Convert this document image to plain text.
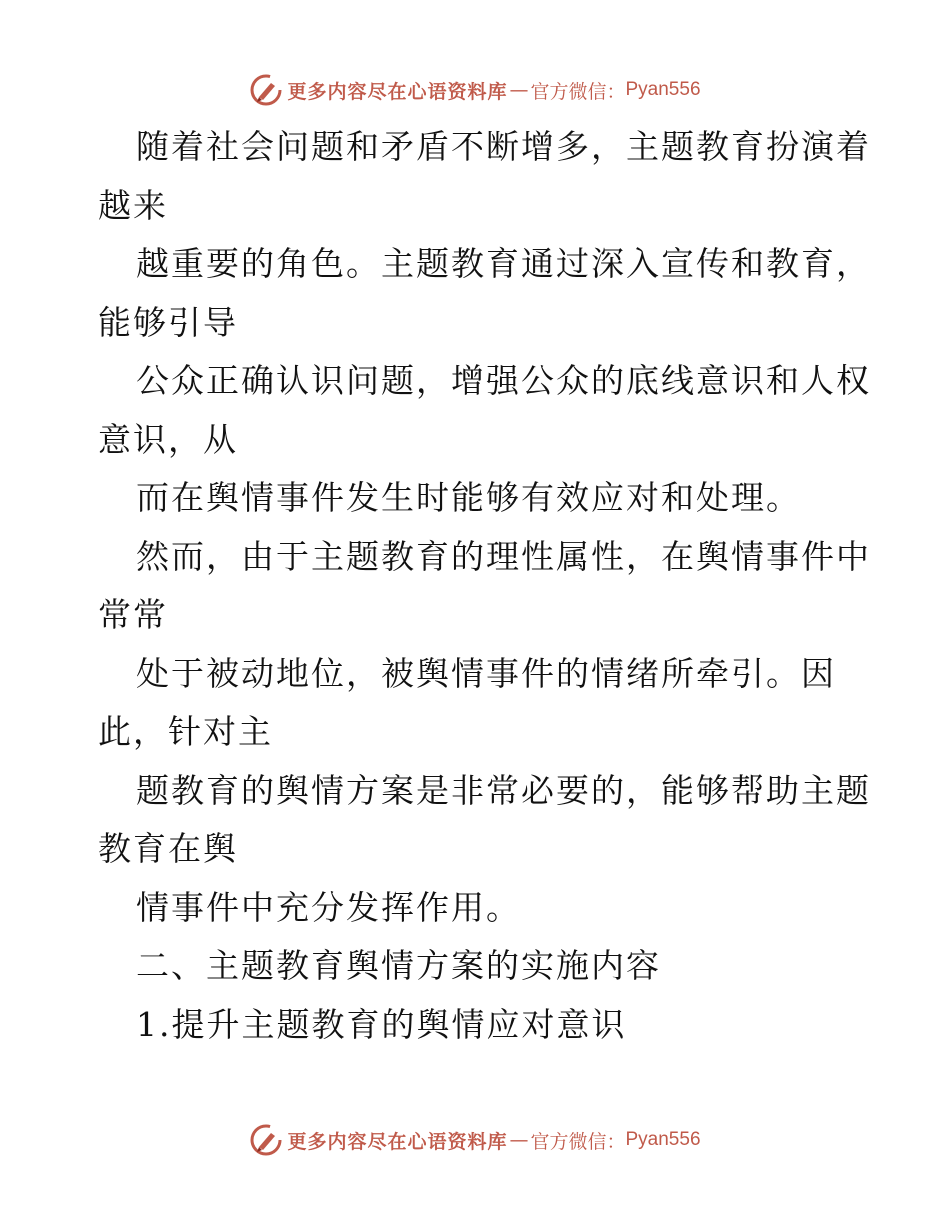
更多内容尽在心语资料库 — 官方微信： Pyan556
随着社会问题和矛盾不断增多，主题教育扮演着
越来
越重要的角色。主题教育通过深入宣传和教育，
能够引导
公众正确认识问题，增强公众的底线意识和人权
意识，从
而在舆情事件发生时能够有效应对和处理。
然而，由于主题教育的理性属性，在舆情事件中
常常
处于被动地位，被舆情事件的情绪所牵引。因
此，针对主
题教育的舆情方案是非常必要的，能够帮助主题
教育在舆
情事件中充分发挥作用。
二、主题教育舆情方案的实施内容
1.提升主题教育的舆情应对意识
更多内容尽在心语资料库 — 官方微信： Pyan556
